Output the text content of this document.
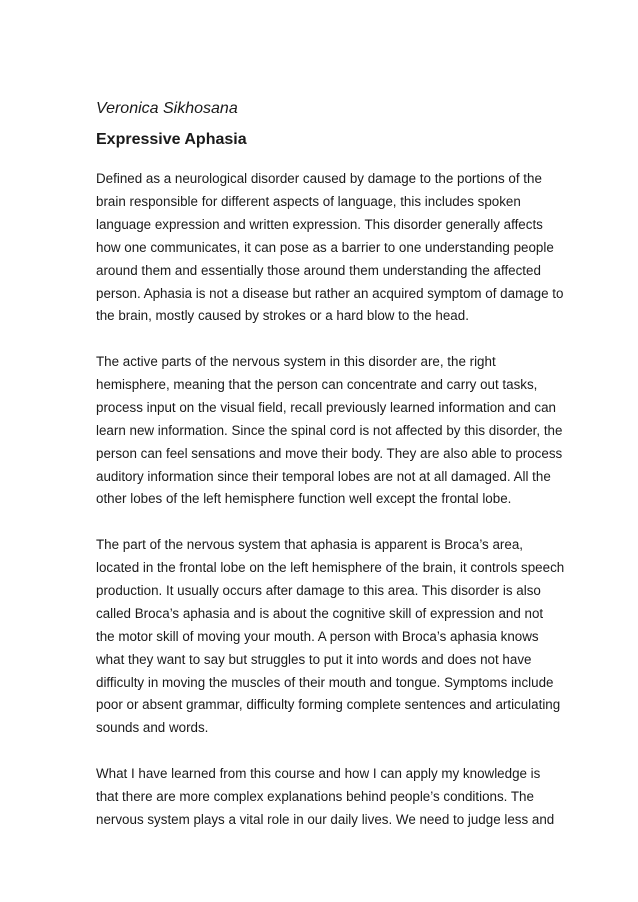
Veronica Sikhosana
Expressive Aphasia
Defined as a neurological disorder caused by damage to the portions of the
brain responsible for different aspects of language, this includes spoken
language expression and written expression. This disorder generally affects
how one communicates, it can pose as a barrier to one understanding people
around them and essentially those around them understanding the affected
person. Aphasia is not a disease but rather an acquired symptom of damage to
the brain, mostly caused by strokes or a hard blow to the head.
The active parts of the nervous system in this disorder are, the right
hemisphere, meaning that the person can concentrate and carry out tasks,
process input on the visual field, recall previously learned information and can
learn new information. Since the spinal cord is not affected by this disorder, the
person can feel sensations and move their body. They are also able to process
auditory information since their temporal lobes are not at all damaged. All the
other lobes of the left hemisphere function well except the frontal lobe.
The part of the nervous system that aphasia is apparent is Broca’s area,
located in the frontal lobe on the left hemisphere of the brain, it controls speech
production. It usually occurs after damage to this area. This disorder is also
called Broca’s aphasia and is about the cognitive skill of expression and not
the motor skill of moving your mouth. A person with Broca’s aphasia knows
what they want to say but struggles to put it into words and does not have
difficulty in moving the muscles of their mouth and tongue. Symptoms include
poor or absent grammar, difficulty forming complete sentences and articulating
sounds and words.
What I have learned from this course and how I can apply my knowledge is
that there are more complex explanations behind people’s conditions. The
nervous system plays a vital role in our daily lives. We need to judge less and
